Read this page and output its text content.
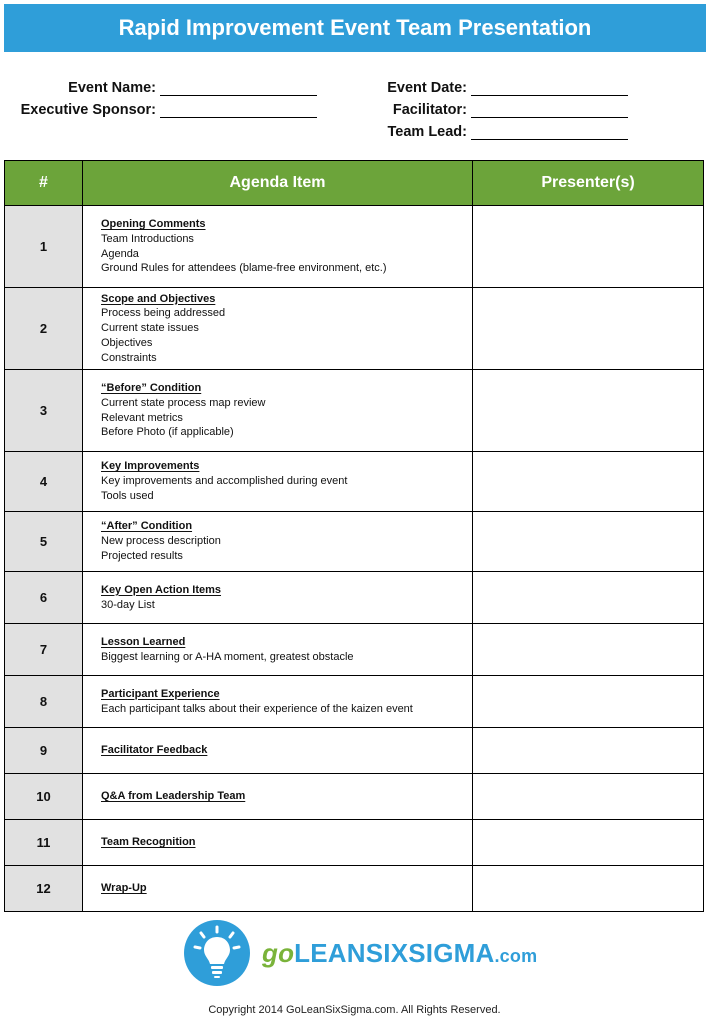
Rapid Improvement Event Team Presentation
Event Name:
Executive Sponsor:
Event Date:
Facilitator:
Team Lead:
#	Agenda Item	Presenter(s)
1	Opening Comments
Team Introductions
Agenda
Ground Rules for attendees (blame-free environment, etc.)	

2	Scope and Objectives
Process being addressed
Current state issues
Objectives
Constraints	

3	“Before” Condition
Current state process map review
Relevant metrics
Before Photo (if applicable)	

4	Key Improvements
Key improvements and accomplished during event
Tools used	

5	“After” Condition
New process description
Projected results	

6	Key Open Action Items
30-day List	

7	Lesson Learned
Biggest learning or A-HA moment, greatest obstacle	

8	Participant Experience
Each participant talks about their experience of the kaizen event	

9	Facilitator Feedback	

10	Q&A from Leadership Team	

11	Team Recognition	

12	Wrap-Up	

goLEANSIXSIGMA.com
Copyright 2014 GoLeanSixSigma.com. All Rights Reserved.
